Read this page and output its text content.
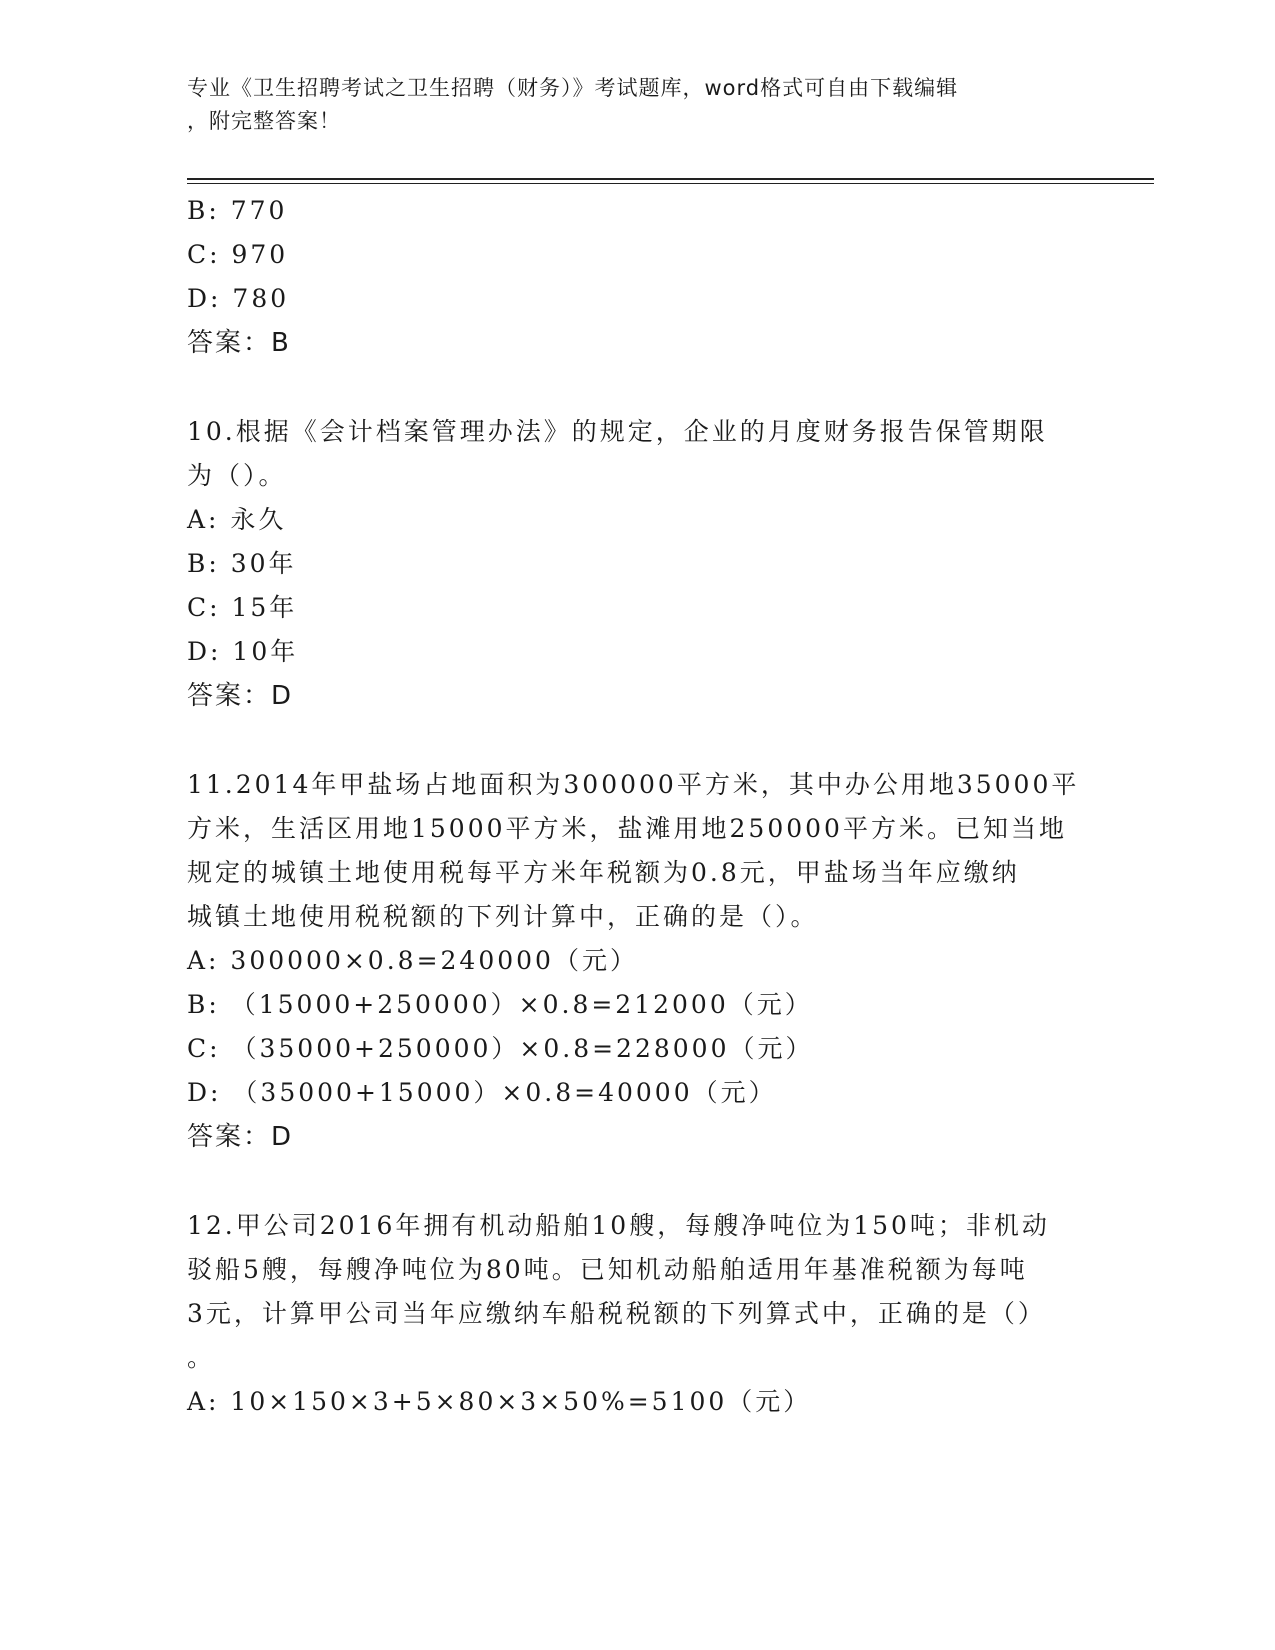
专业《卫生招聘考试之卫生招聘（财务）》考试题库，word格式可自由下载编辑
，附完整答案！
B: 770
C: 970
D: 780
答案：B
10.根据《会计档案管理办法》的规定，企业的月度财务报告保管期限
为（）。
A: 永久
B: 30年
C: 15年
D: 10年
答案：D
11.2014年甲盐场占地面积为300000平方米，其中办公用地35000平
方米，生活区用地15000平方米，盐滩用地250000平方米。已知当地
规定的城镇土地使用税每平方米年税额为0.8元，甲盐场当年应缴纳
城镇土地使用税税额的下列计算中，正确的是（）。
A: 300000×0.8=240000（元）
B: （15000+250000）×0.8=212000（元）
C: （35000+250000）×0.8=228000（元）
D: （35000+15000）×0.8=40000（元）
答案：D
12.甲公司2016年拥有机动船舶10艘，每艘净吨位为150吨；非机动
驳船5艘，每艘净吨位为80吨。已知机动船舶适用年基准税额为每吨
3元，计算甲公司当年应缴纳车船税税额的下列算式中，正确的是（）
。
A: 10×150×3+5×80×3×50%=5100（元）
